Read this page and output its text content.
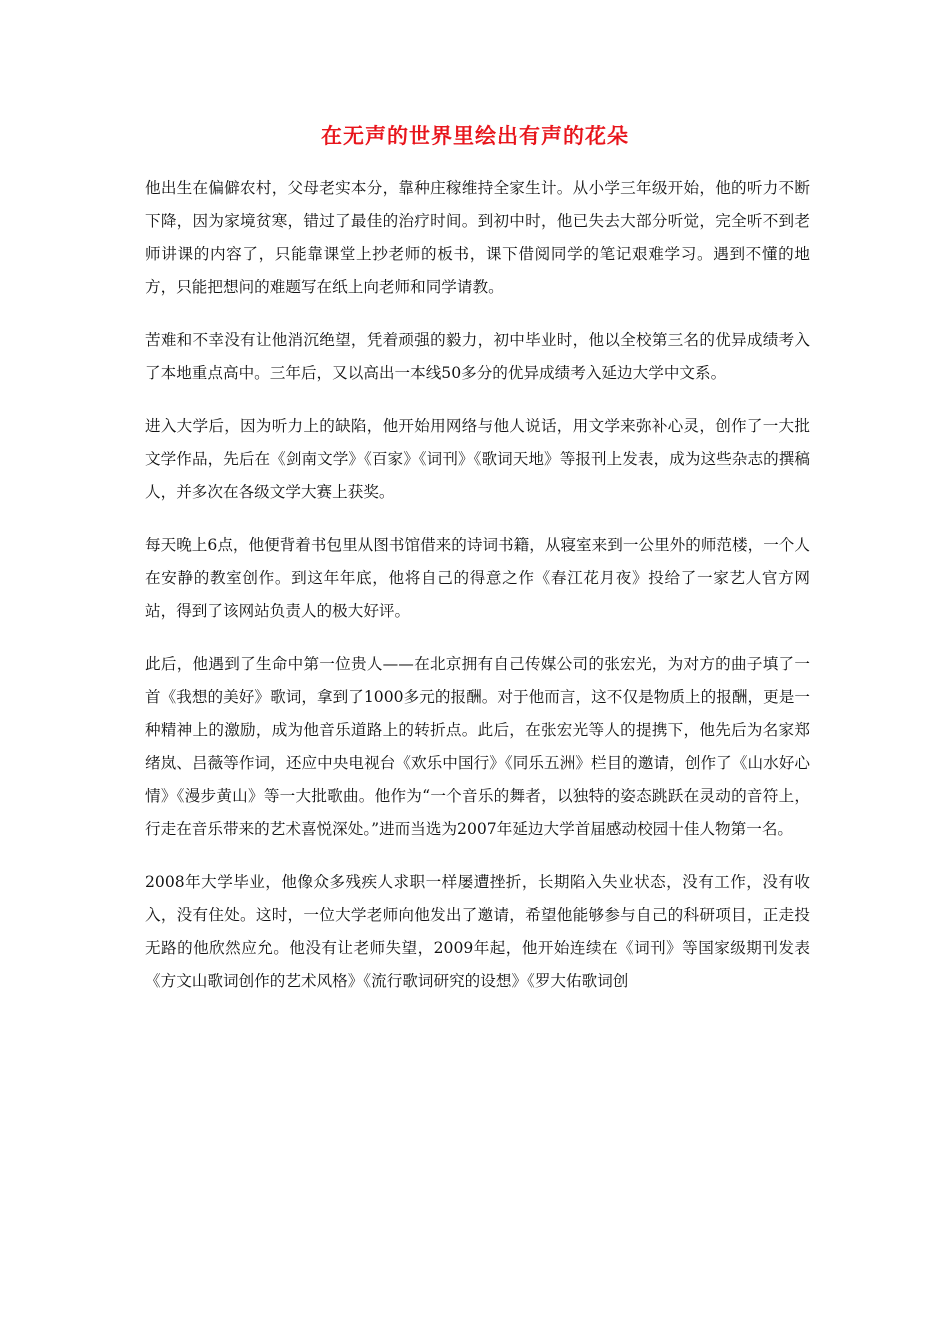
在无声的世界里绘出有声的花朵

他出生在偏僻农村，父母老实本分，靠种庄稼维持全家生计。从小学三年级开始，他的听力不断下降，因为家境贫寒，错过了最佳的治疗时间。到初中时，他已失去大部分听觉，完全听不到老师讲课的内容了，只能靠课堂上抄老师的板书，课下借阅同学的笔记艰难学习。遇到不懂的地方，只能把想问的难题写在纸上向老师和同学请教。

苦难和不幸没有让他消沉绝望，凭着顽强的毅力，初中毕业时，他以全校第三名的优异成绩考入了本地重点高中。三年后，又以高出一本线50多分的优异成绩考入延边大学中文系。

进入大学后，因为听力上的缺陷，他开始用网络与他人说话，用文学来弥补心灵，创作了一大批文学作品，先后在《剑南文学》《百家》《词刊》《歌词天地》等报刊上发表，成为这些杂志的撰稿人，并多次在各级文学大赛上获奖。

每天晚上6点，他便背着书包里从图书馆借来的诗词书籍，从寝室来到一公里外的师范楼，一个人在安静的教室创作。到这年年底，他将自己的得意之作《春江花月夜》投给了一家艺人官方网站，得到了该网站负责人的极大好评。

此后，他遇到了生命中第一位贵人——在北京拥有自己传媒公司的张宏光，为对方的曲子填了一首《我想的美好》歌词，拿到了1000多元的报酬。对于他而言，这不仅是物质上的报酬，更是一种精神上的激励，成为他音乐道路上的转折点。此后，在张宏光等人的提携下，他先后为名家郑绪岚、吕薇等作词，还应中央电视台《欢乐中国行》《同乐五洲》栏目的邀请，创作了《山水好心情》《漫步黄山》等一大批歌曲。他作为“一个音乐的舞者，以独特的姿态跳跃在灵动的音符上，行走在音乐带来的艺术喜悦深处。”进而当选为2007年延边大学首届感动校园十佳人物第一名。

2008年大学毕业，他像众多残疾人求职一样屡遭挫折，长期陷入失业状态，没有工作，没有收入，没有住处。这时，一位大学老师向他发出了邀请，希望他能够参与自己的科研项目，正走投无路的他欣然应允。他没有让老师失望，2009年起，他开始连续在《词刊》等国家级期刊发表《方文山歌词创作的艺术风格》《流行歌词研究的设想》《罗大佑歌词创
